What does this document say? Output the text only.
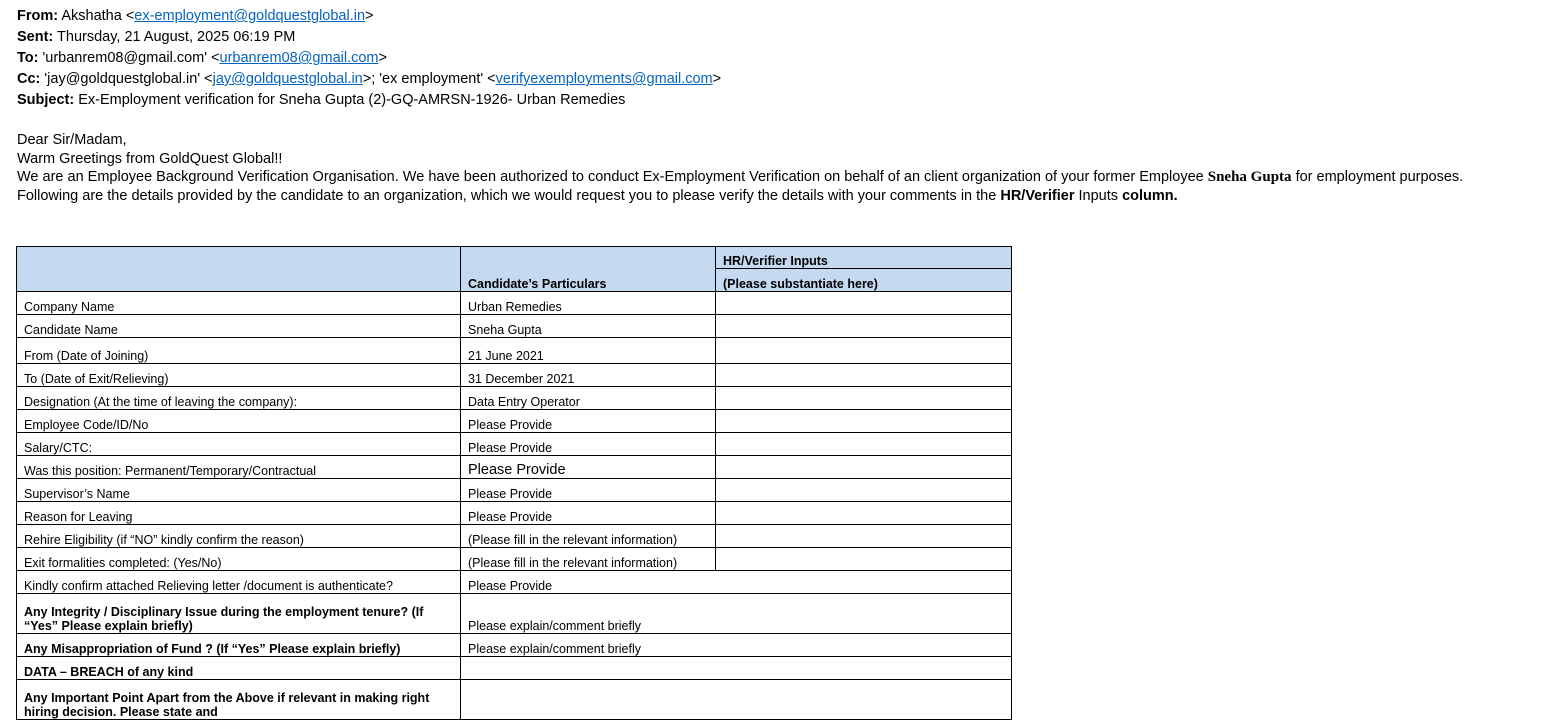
From: Akshatha <ex-employment@goldquestglobal.in>
Sent: Thursday, 21 August, 2025 06:19 PM
To: 'urbanrem08@gmail.com' <urbanrem08@gmail.com>
Cc: 'jay@goldquestglobal.in' <jay@goldquestglobal.in>; 'ex employment' <verifyexemployments@gmail.com>
Subject: Ex-Employment verification for Sneha Gupta (2)-GQ-AMRSN-1926- Urban Remedies
Dear Sir/Madam,
Warm Greetings from GoldQuest Global!!
We are an Employee Background Verification Organisation. We have been authorized to conduct Ex-Employment Verification on behalf of an client organization of your former Employee Sneha Gupta for employment purposes.
Following are the details provided by the candidate to an organization, which we would request you to please verify the details with your comments in the HR/Verifier Inputs column.
	Candidate’s Particulars	HR/Verifier Inputs
		(Please substantiate here)
Company Name	Urban Remedies	
Candidate Name	Sneha Gupta	
From (Date of Joining)	21 June 2021	
To (Date of Exit/Relieving)	31 December 2021	
Designation (At the time of leaving the company):	Data Entry Operator	
Employee Code/ID/No	Please Provide	
Salary/CTC:	Please Provide	
Was this position: Permanent/Temporary/Contractual	Please Provide	
Supervisor’s Name	Please Provide	
Reason for Leaving	Please Provide	
Rehire Eligibility (if “NO” kindly confirm the reason)	(Please fill in the relevant information)	
Exit formalities completed: (Yes/No)	(Please fill in the relevant information)	
Kindly confirm attached Relieving letter /document is authenticate?	Please Provide	
Any Integrity / Disciplinary Issue during the employment tenure? (If “Yes” Please explain briefly)	Please explain/comment briefly	
Any Misappropriation of Fund ? (If “Yes” Please explain briefly)	Please explain/comment briefly	
DATA – BREACH of any kind		
Any Important Point Apart from the Above if relevant in making right hiring decision. Please state and		
